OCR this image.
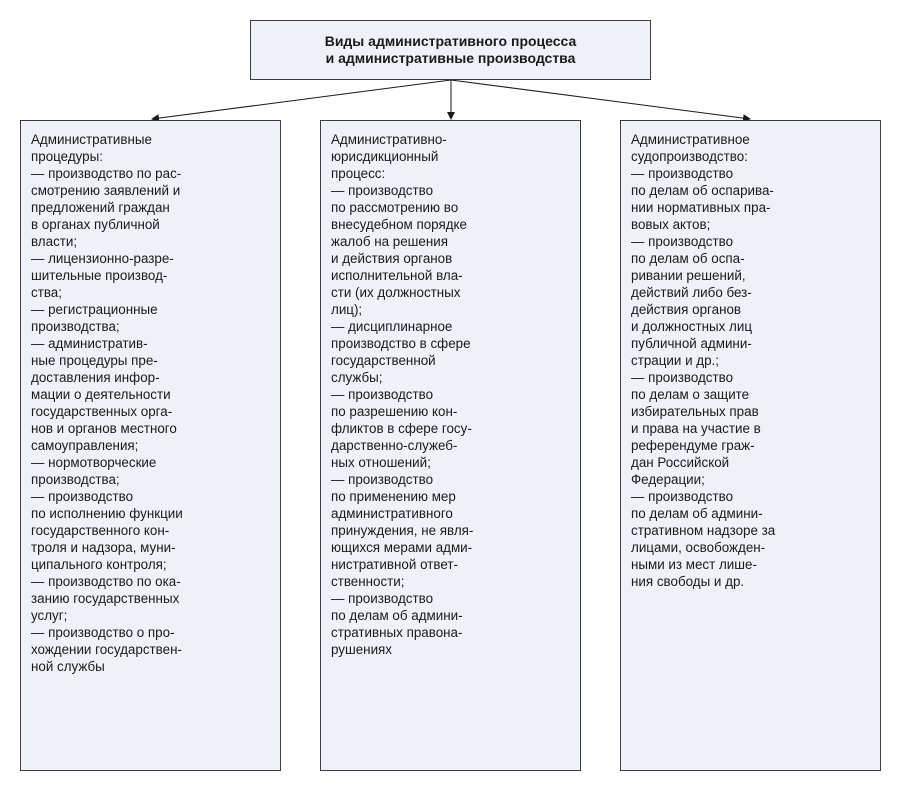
Виды административного процесса
и административные производства
Административные
процедуры:
— производство по рас-
смотрению заявлений и
предложений граждан
в органах публичной
власти;
— лицензионно-разре-
шительные производ-
ства;
— регистрационные
производства;
— административ-
ные процедуры пре-
доставления инфор-
мации о деятельности
государственных орга-
нов и органов местного
самоуправления;
— нормотворческие
производства;
— производство
по исполнению функции
государственного кон-
троля и надзора, муни-
ципального контроля;
— производство по ока-
занию государственных
услуг;
— производство о про-
хождении государствен-
ной службы
Административно-
юрисдикционный
процесс:
— производство
по рассмотрению во
внесудебном порядке
жалоб на решения
и действия органов
исполнительной вла-
сти (их должностных
лиц);
— дисциплинарное
производство в сфере
государственной
службы;
— производство
по разрешению кон-
фликтов в сфере госу-
дарственно-служеб-
ных отношений;
— производство
по применению мер
административного
принуждения, не явля-
ющихся мерами адми-
нистративной ответ-
ственности;
— производство
по делам об админи-
стративных правона-
рушениях
Административное
судопроизводство:
— производство
по делам об оспарива-
нии нормативных пра-
вовых актов;
— производство
по делам об оспа-
ривании решений,
действий либо без-
действия органов
и должностных лиц
публичной админи-
страции и др.;
— производство
по делам о защите
избирательных прав
и права на участие в
референдуме граж-
дан Российской
Федерации;
— производство
по делам об админи-
стративном надзоре за
лицами, освобожден-
ными из мест лише-
ния свободы и др.
